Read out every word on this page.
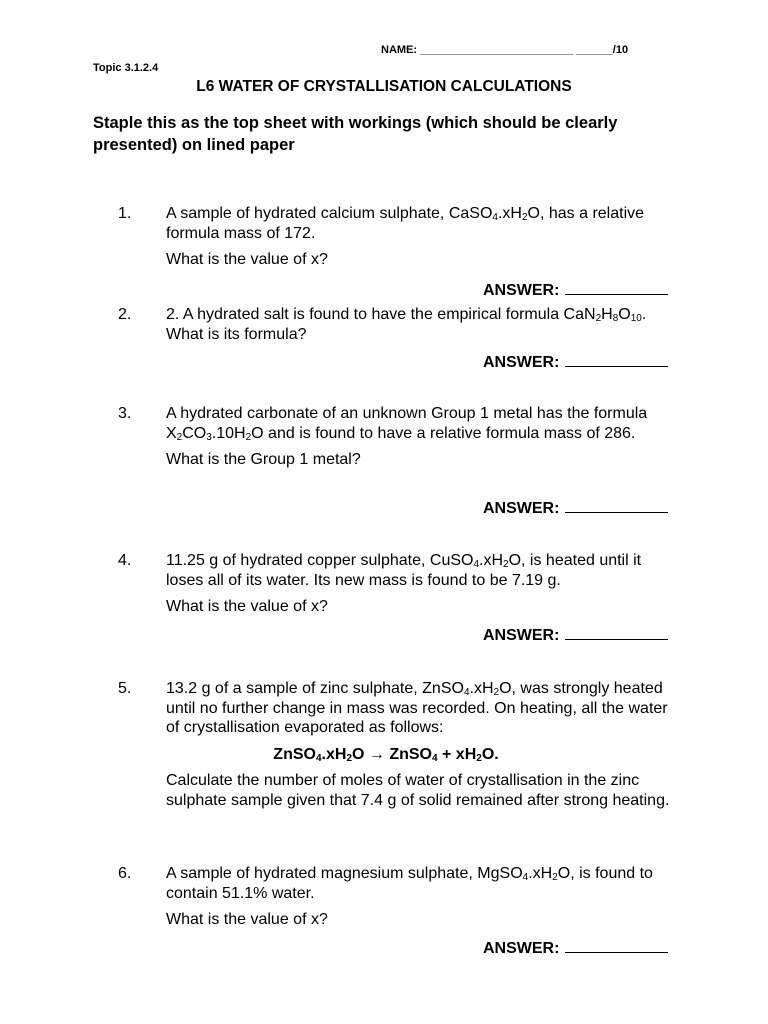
NAME: _________________________ ______/10
Topic 3.1.2.4
L6 WATER OF CRYSTALLISATION CALCULATIONS
Staple this as the top sheet with workings (which should be clearly presented) on lined paper
1. A sample of hydrated calcium sulphate, $CaSO_4.xH_2O$, has a relative formula mass of 172.

What is the value of x?

ANSWER:
2. 2. A hydrated salt is found to have the empirical formula $CaN_2H_8O_{10}$. What is its formula?

ANSWER:
3. A hydrated carbonate of an unknown Group 1 metal has the formula $X_2CO_3.10H_2O$ and is found to have a relative formula mass of 286.

What is the Group 1 metal?

ANSWER:
4. 11.25 g of hydrated copper sulphate, $CuSO_4.xH_2O$, is heated until it loses all of its water. Its new mass is found to be 7.19 g.

What is the value of x?

ANSWER:
5. 13.2 g of a sample of zinc sulphate, $ZnSO_4.xH_2O$, was strongly heated until no further change in mass was recorded. On heating, all the water of crystallisation evaporated as follows:

$ZnSO_4.xH_2O$ → ZnSO$_4$ + $xH_2O$.

Calculate the number of moles of water of crystallisation in the zinc sulphate sample given that 7.4 g of solid remained after strong heating.

6. A sample of hydrated magnesium sulphate, $MgSO_4.xH_2O$, is found to contain 51.1% water.

What is the value of x?

ANSWER:
